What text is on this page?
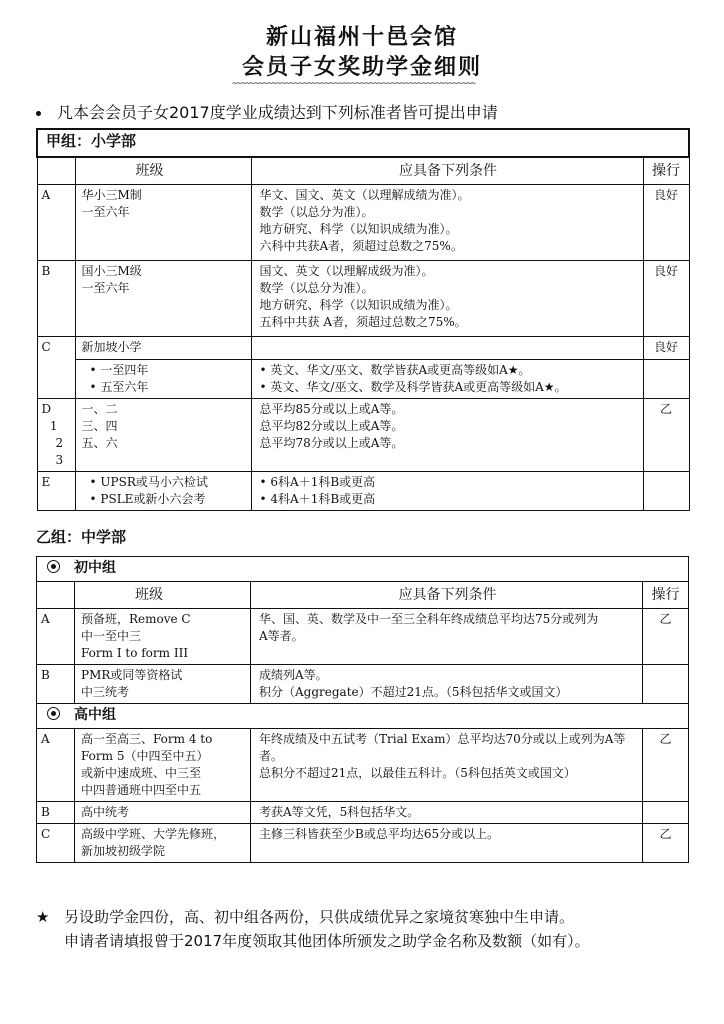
新山福州十邑会馆
会员子女奖助学金细则
~~~~~~~~~~~~~~~~~~~~~~~~~~~~~~~~~~~~~~~~~~~~~~~~~~~~~~~
凡本会会员子女2017度学业成绩达到下列标准者皆可提出申请
甲组：小学部			
	班级	应具备下列条件	操行
A	华小三M制
一至六年	华文、国文、英文（以理解成绩为准）。
数学（以总分为准）。
地方研究、科学（以知识成绩为准）。
六科中共获A者，须超过总数之75%。	良好
B	国小三M级
一至六年	国文、英文（以理解成级为准）。
数学（以总分为准）。
地方研究、科学（以知识成绩为准）。
五科中共获 A者，须超过总数之75%。	良好
C	新加坡小学		良好

	• 一至四年
• 五至六年	• 英文、华文/巫文、数学皆获A或更高等级如A★。
• 英文、华文/巫文、数学及科学皆获A或更高等级如A★。

D
1
2
3	一、二
三、四
五、六	总平均85分或以上或A等。
总平均82分或以上或A等。
总平均78分或以上或A等。	乙
E	• UPSR或马小六检试
• PSLE或新小六会考	• 6科A＋1科B或更高
• 4科A＋1科B或更高

乙组：中学部
初中组			
	班级	应具备下列条件	操行
A	预备班，Remove C
中一至中三
Form I to form III	华、国、英、数学及中一至三全科年终成绩总平均达75分或列为
A等者。	乙
B	PMR或同等资格试
中三统考	成绩列A等。
积分（Aggregate）不超过21点。（5科包括华文或国文）	

高中组			
A	高一至高三、Form 4 to
Form 5（中四至中五）
或新中速成班、中三至
中四普通班中四至中五	年终成绩及中五试考（Trial Exam）总平均达70分或以上或列为A等
者。
总积分不超过21点，以最佳五科计。（5科包括英文或国文）	乙
B	高中统考	考获A等文凭，5科包括华文。	

C	高级中学班、大学先修班，
新加坡初级学院	主修三科皆获至少B或总平均达65分或以上。	乙
★ 另设助学金四份，高、初中组各两份，只供成绩优异之家境贫寒独中生申请。
申请者请填报曾于2017年度领取其他团体所颁发之助学金名称及数额（如有）。
